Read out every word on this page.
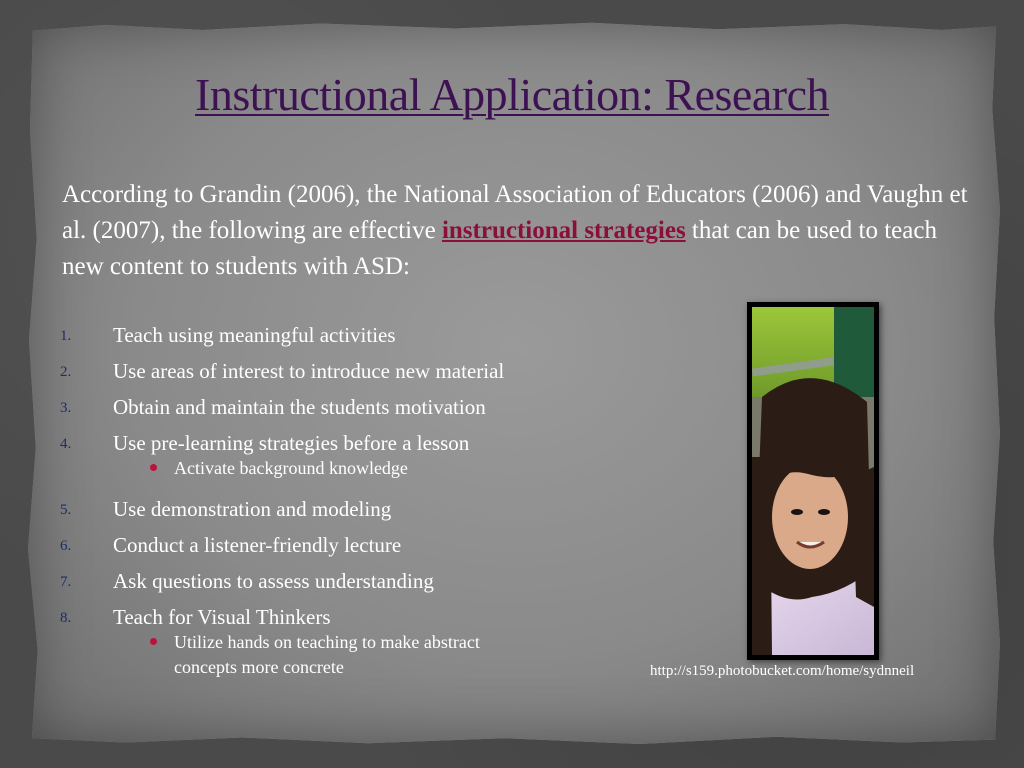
Instructional Application: Research
According to Grandin (2006), the National Association of Educators (2006) and Vaughn et al. (2007), the following are effective instructional strategies that can be used to teach new content to students with ASD:
1.	Teach using meaningful activities
2.	Use areas of interest to introduce new material
3.	Obtain and maintain the students motivation
4.	Use pre-learning strategies before a lesson
Activate background knowledge
5.	Use demonstration and modeling
6.	Conduct a listener-friendly lecture
7.	Ask questions to assess understanding
8.	Teach for Visual Thinkers
Utilize hands on teaching to make abstract
concepts more concrete	http://s159.photobucket.com/home/sydnneil
